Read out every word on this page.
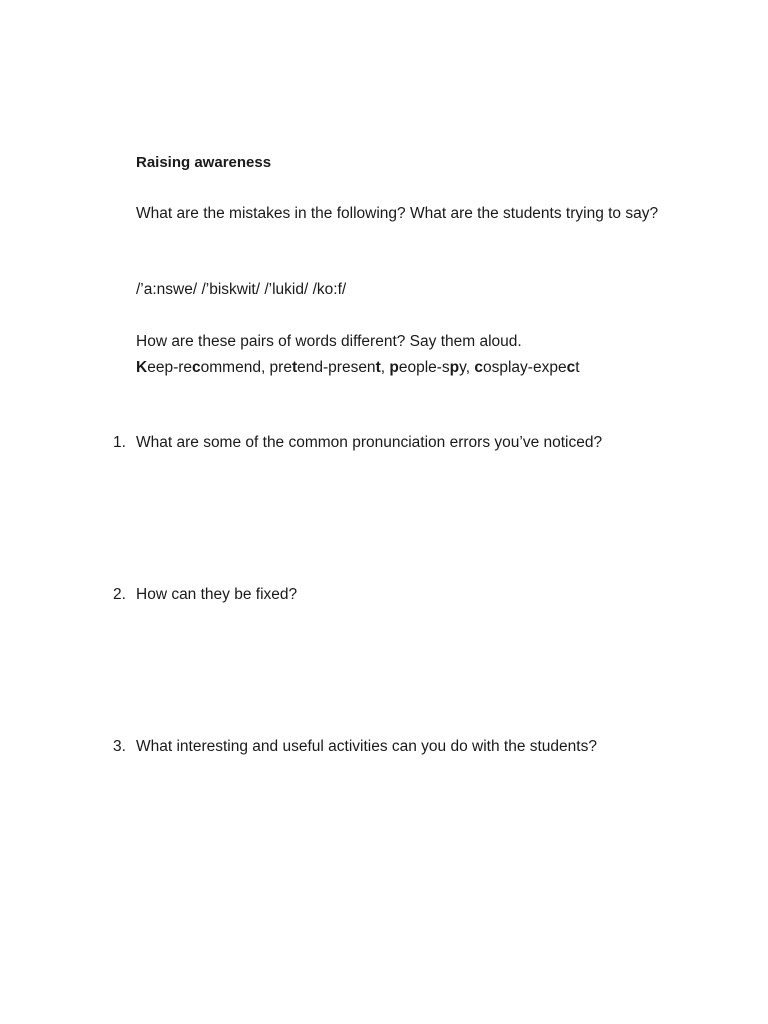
Raising awareness
What are the mistakes in the following? What are the students trying to say?
/’a:nswe/ /’biskwit/ /’lukid/ /ko:f/
How are these pairs of words different? Say them aloud.
Keep-recommend, pretend-present, people-spy, cosplay-expect
1. What are some of the common pronunciation errors you’ve noticed?
2. How can they be fixed?
3. What interesting and useful activities can you do with the students?
